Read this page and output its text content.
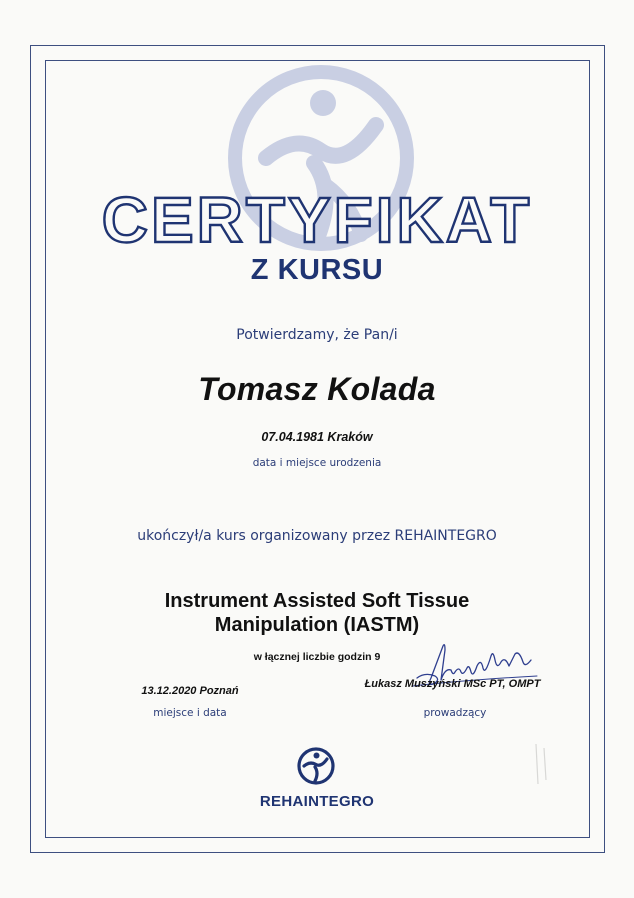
CERTYFIKAT
Z KURSU
Potwierdzamy, że Pan/i
Tomasz Kolada
07.04.1981 Kraków
data i miejsce urodzenia
ukończył/a kurs organizowany przez REHAINTEGRO
Instrument Assisted Soft Tissue
Manipulation (IASTM)
w łącznej liczbie godzin 9
13.12.2020 Poznań
miejsce i data
Łukasz Muszyński MSc PT, OMPT
prowadzący
REHAINTEGRO
